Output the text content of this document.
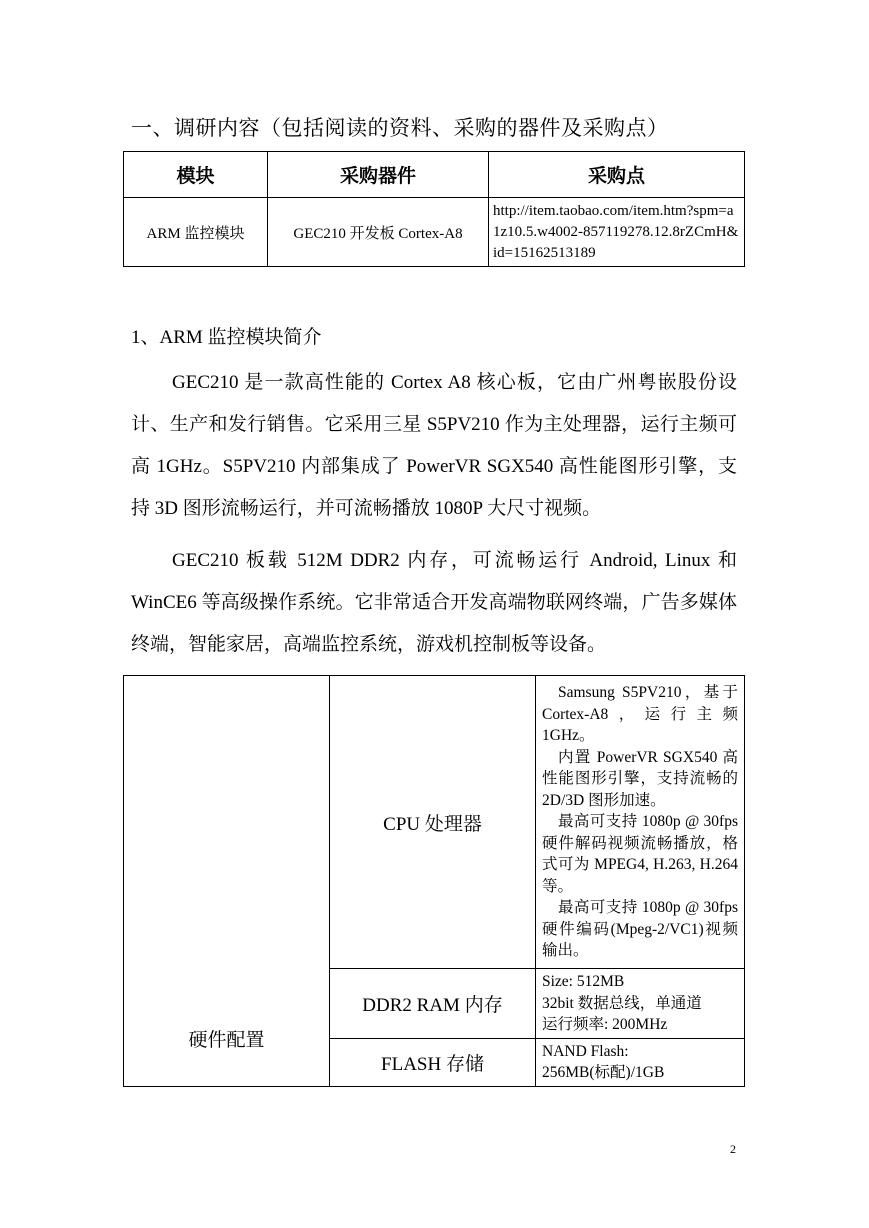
一、调研内容（包括阅读的资料、采购的器件及采购点）
模块	采购器件	采购点
ARM 监控模块	GEC210 开发板 Cortex-A8	http://item.taobao.com/item.htm?spm=a1z10.5.w4002-857119278.12.8rZCmH&id=15162513189
1、ARM 监控模块简介
GEC210 是一款高性能的 Cortex A8 核心板，它由广州粤嵌股份设计、生产和发行销售。它采用三星 S5PV210 作为主处理器，运行主频可高 1GHz。S5PV210 内部集成了 PowerVR SGX540 高性能图形引擎，支持 3D 图形流畅运行，并可流畅播放 1080P 大尺寸视频。
GEC210 板载 512M DDR2 内存，可流畅运行 Android, Linux 和 WinCE6 等高级操作系统。它非常适合开发高端物联网终端，广告多媒体终端，智能家居，高端监控系统，游戏机控制板等设备。
硬件配置	CPU 处理器	Samsung S5PV210，基于 Cortex-A8，运行主频 1GHz。

内置 PowerVR SGX540 高性能图形引擎，支持流畅的 2D/3D 图形加速。

最高可支持 1080p @ 30fps 硬件解码视频流畅播放，格式可为 MPEG4, H.263, H.264 等。

最高可支持 1080p @ 30fps 硬件编码(Mpeg-2/VC1)视频输出。

	DDR2 RAM 内存	Size: 512MB

32bit 数据总线，单通道

运行频率: 200MHz

	FLASH 存储	NAND Flash:

256MB(标配)/1GB

2
